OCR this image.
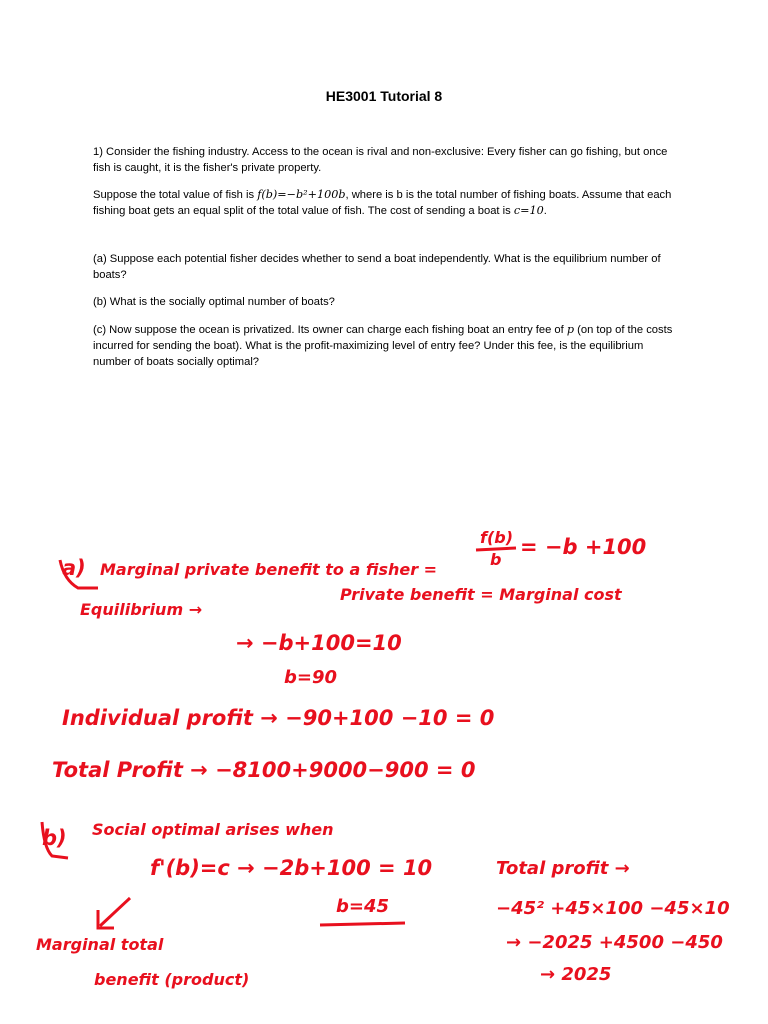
HE3001 Tutorial 8
1) Consider the fishing industry. Access to the ocean is rival and non-exclusive: Every fisher can go fishing, but once fish is caught, it is the fisher's private property.
Suppose the total value of fish is f(b)=−b²+100b, where is b is the total number of fishing boats. Assume that each fishing boat gets an equal split of the total value of fish. The cost of sending a boat is c=10.
(a) Suppose each potential fisher decides whether to send a boat independently. What is the equilibrium number of boats?
(b) What is the socially optimal number of boats?
(c) Now suppose the ocean is privatized. Its owner can charge each fishing boat an entry fee of p (on top of the costs incurred for sending the boat). What is the profit-maximizing level of entry fee? Under this fee, is the equilibrium number of boats socially optimal?
a) Marginal private benefit to a fisher =
f(b)
b
= −b +100
Equilibrium →
Private benefit = Marginal cost
→ −b+100=10
b=90
Individual profit → −90+100 −10 = 0
Total Profit → −8100+9000−900 = 0
b) Social optimal arises when
f'(b)=c → −2b+100 = 10
b=45
Total profit →
−45² +45×100 −45×10
→ −2025 +4500 −450
→ 2025
Marginal total
benefit (product)
